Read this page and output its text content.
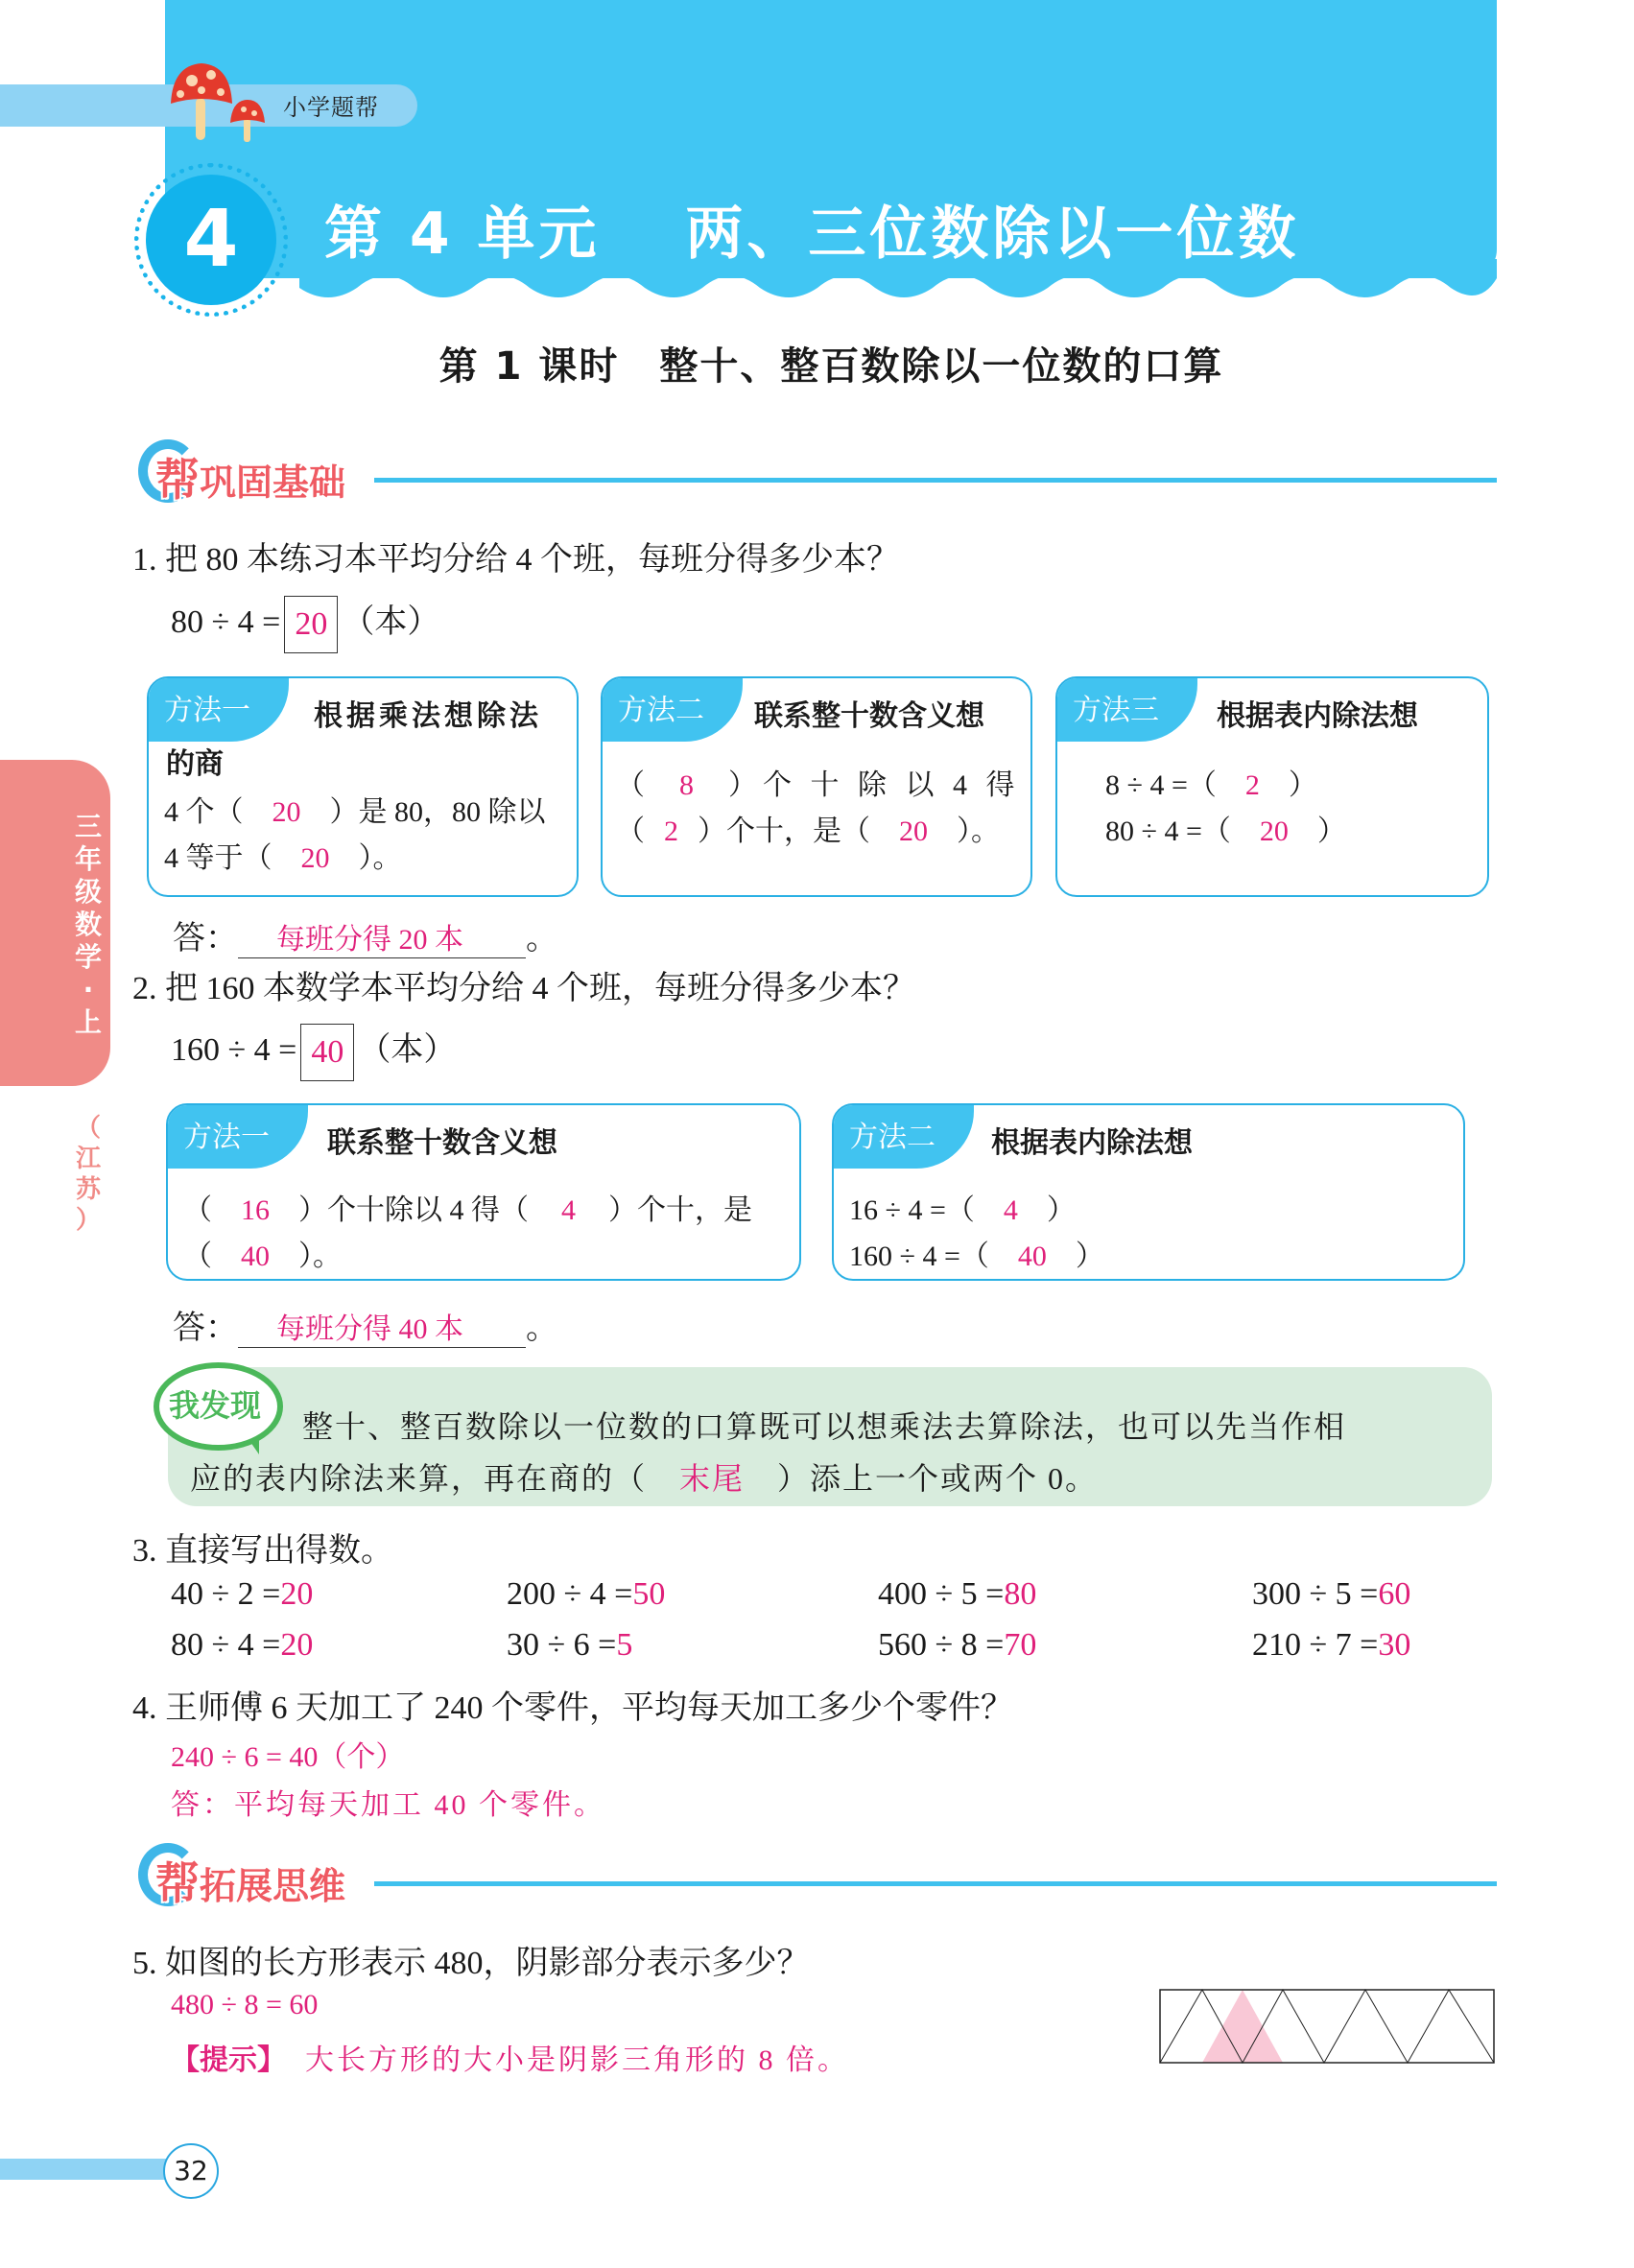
小学题帮
4	第 4 单元　 两、三位数除以一位数
第 1 课时　整十、整百数除以一位数的口算
帮巩固基础
三
年
级
数
学
·
上
（
江
苏
）
1. 把 80 本练习本平均分给 4 个班，每班分得多少本？
80 ÷ 4 = 20 （本）
方法一	根据乘法想除法
的商
4 个（ 20 ）是 80，80 除以
4 等于（ 20 ）。
方法二	联系整十数含义想
（ 8 ）个 十 除 以 4 得
（ 2 ）个十，是（ 20 ）。
方法三	根据表内除法想
8 ÷ 4 =（ 2 ）
80 ÷ 4 =（ 20 ）
答： 每班分得 20 本 。
2. 把 160 本数学本平均分给 4 个班，每班分得多少本？
160 ÷ 4 = 40 （本）
方法一	联系整十数含义想
（ 16 ）个十除以 4 得（ 4 ）个十，是
（ 40 ）。
方法二	根据表内除法想
16 ÷ 4 =（ 4 ）
160 ÷ 4 =（ 40 ）
答： 每班分得 40 本 。
我发现
整十、整百数除以一位数的口算既可以想乘法去算除法，也可以先当作相
应的表内除法来算，再在商的（ 末尾 ）添上一个或两个 0。
3. 直接写出得数。
40 ÷ 2 =20	200 ÷ 4 =50	400 ÷ 5 =80	300 ÷ 5 =60
80 ÷ 4 =20	30 ÷ 6 =5	560 ÷ 8 =70	210 ÷ 7 =30
4. 王师傅 6 天加工了 240 个零件，平均每天加工多少个零件？
240 ÷ 6 = 40（个）
答：平均每天加工 40 个零件。
帮拓展思维
5. 如图的长方形表示 480，阴影部分表示多少？
480 ÷ 8 = 60
【提示】 大长方形的大小是阴影三角形的 8 倍。
32
